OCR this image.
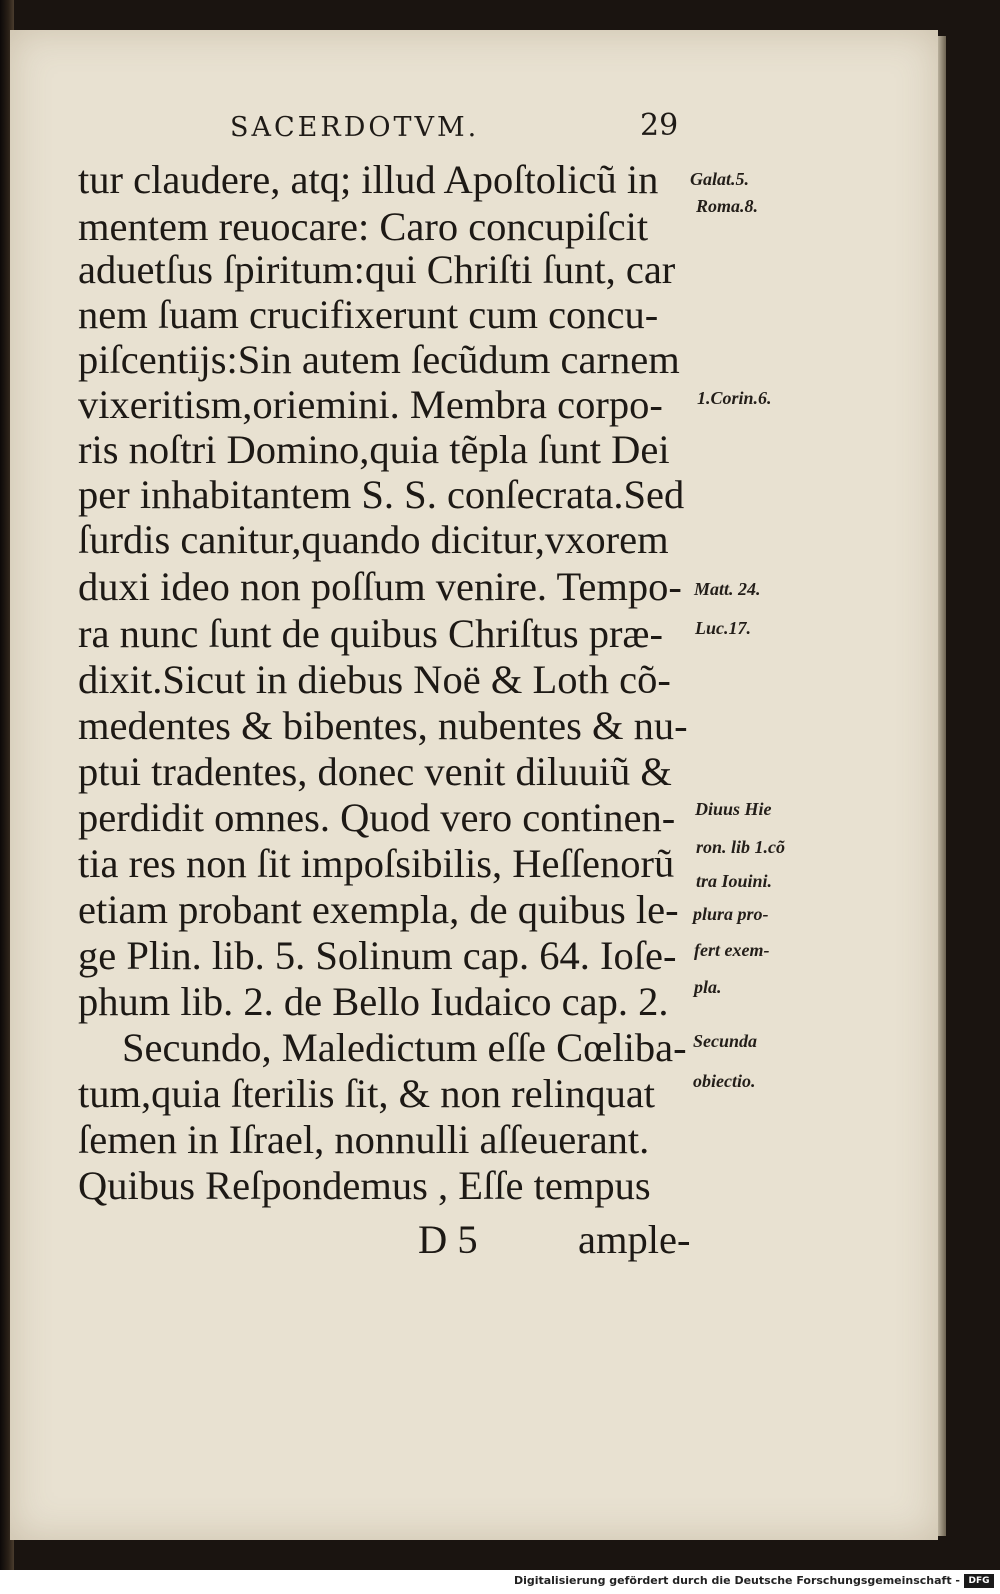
SACERDOTVM.	29
tur claudere, atq; illud Apoſtolicũ in
mentem reuocare: Caro concupiſcit
aduetſus ſpiritum:qui Chriſti ſunt, car
nem ſuam crucifixerunt cum concu-
piſcentijs:Sin autem ſecũdum carnem
vixeritism,oriemini. Membra corpo-
ris noſtri Domino,quia tẽpla ſunt Dei
per inhabitantem S. S. conſecrata.Sed
ſurdis canitur,quando dicitur,vxorem
duxi ideo non poſſum venire. Tempo-
ra nunc ſunt de quibus Chriſtus præ-
dixit.Sicut in diebus Noë & Loth cõ-
medentes & bibentes, nubentes & nu-
ptui tradentes, donec venit diluuiũ &
perdidit omnes. Quod vero continen-
tia res non ſit impoſsibilis, Heſſenorũ
etiam probant exempla, de quibus le-
ge Plin. lib. 5. Solinum cap. 64. Ioſe-
phum lib. 2. de Bello Iudaico cap. 2.
Secundo, Maledictum eſſe Cœliba-
tum,quia ſterilis ſit, & non relinquat
ſemen in Iſrael, nonnulli aſſeuerant.
Quibus Reſpondemus , Eſſe tempus
D 5 ample-
Galat.5.
Roma.8.
1.Corin.6.
Matt. 24.
Luc.17.
Diuus Hie
ron. lib 1.cõ
tra Iouini.
plura pro-
fert exem-
pla.
Secunda
obiectio.
Digitalisierung gefördert durch die Deutsche Forschungsgemeinschaft - DFG
